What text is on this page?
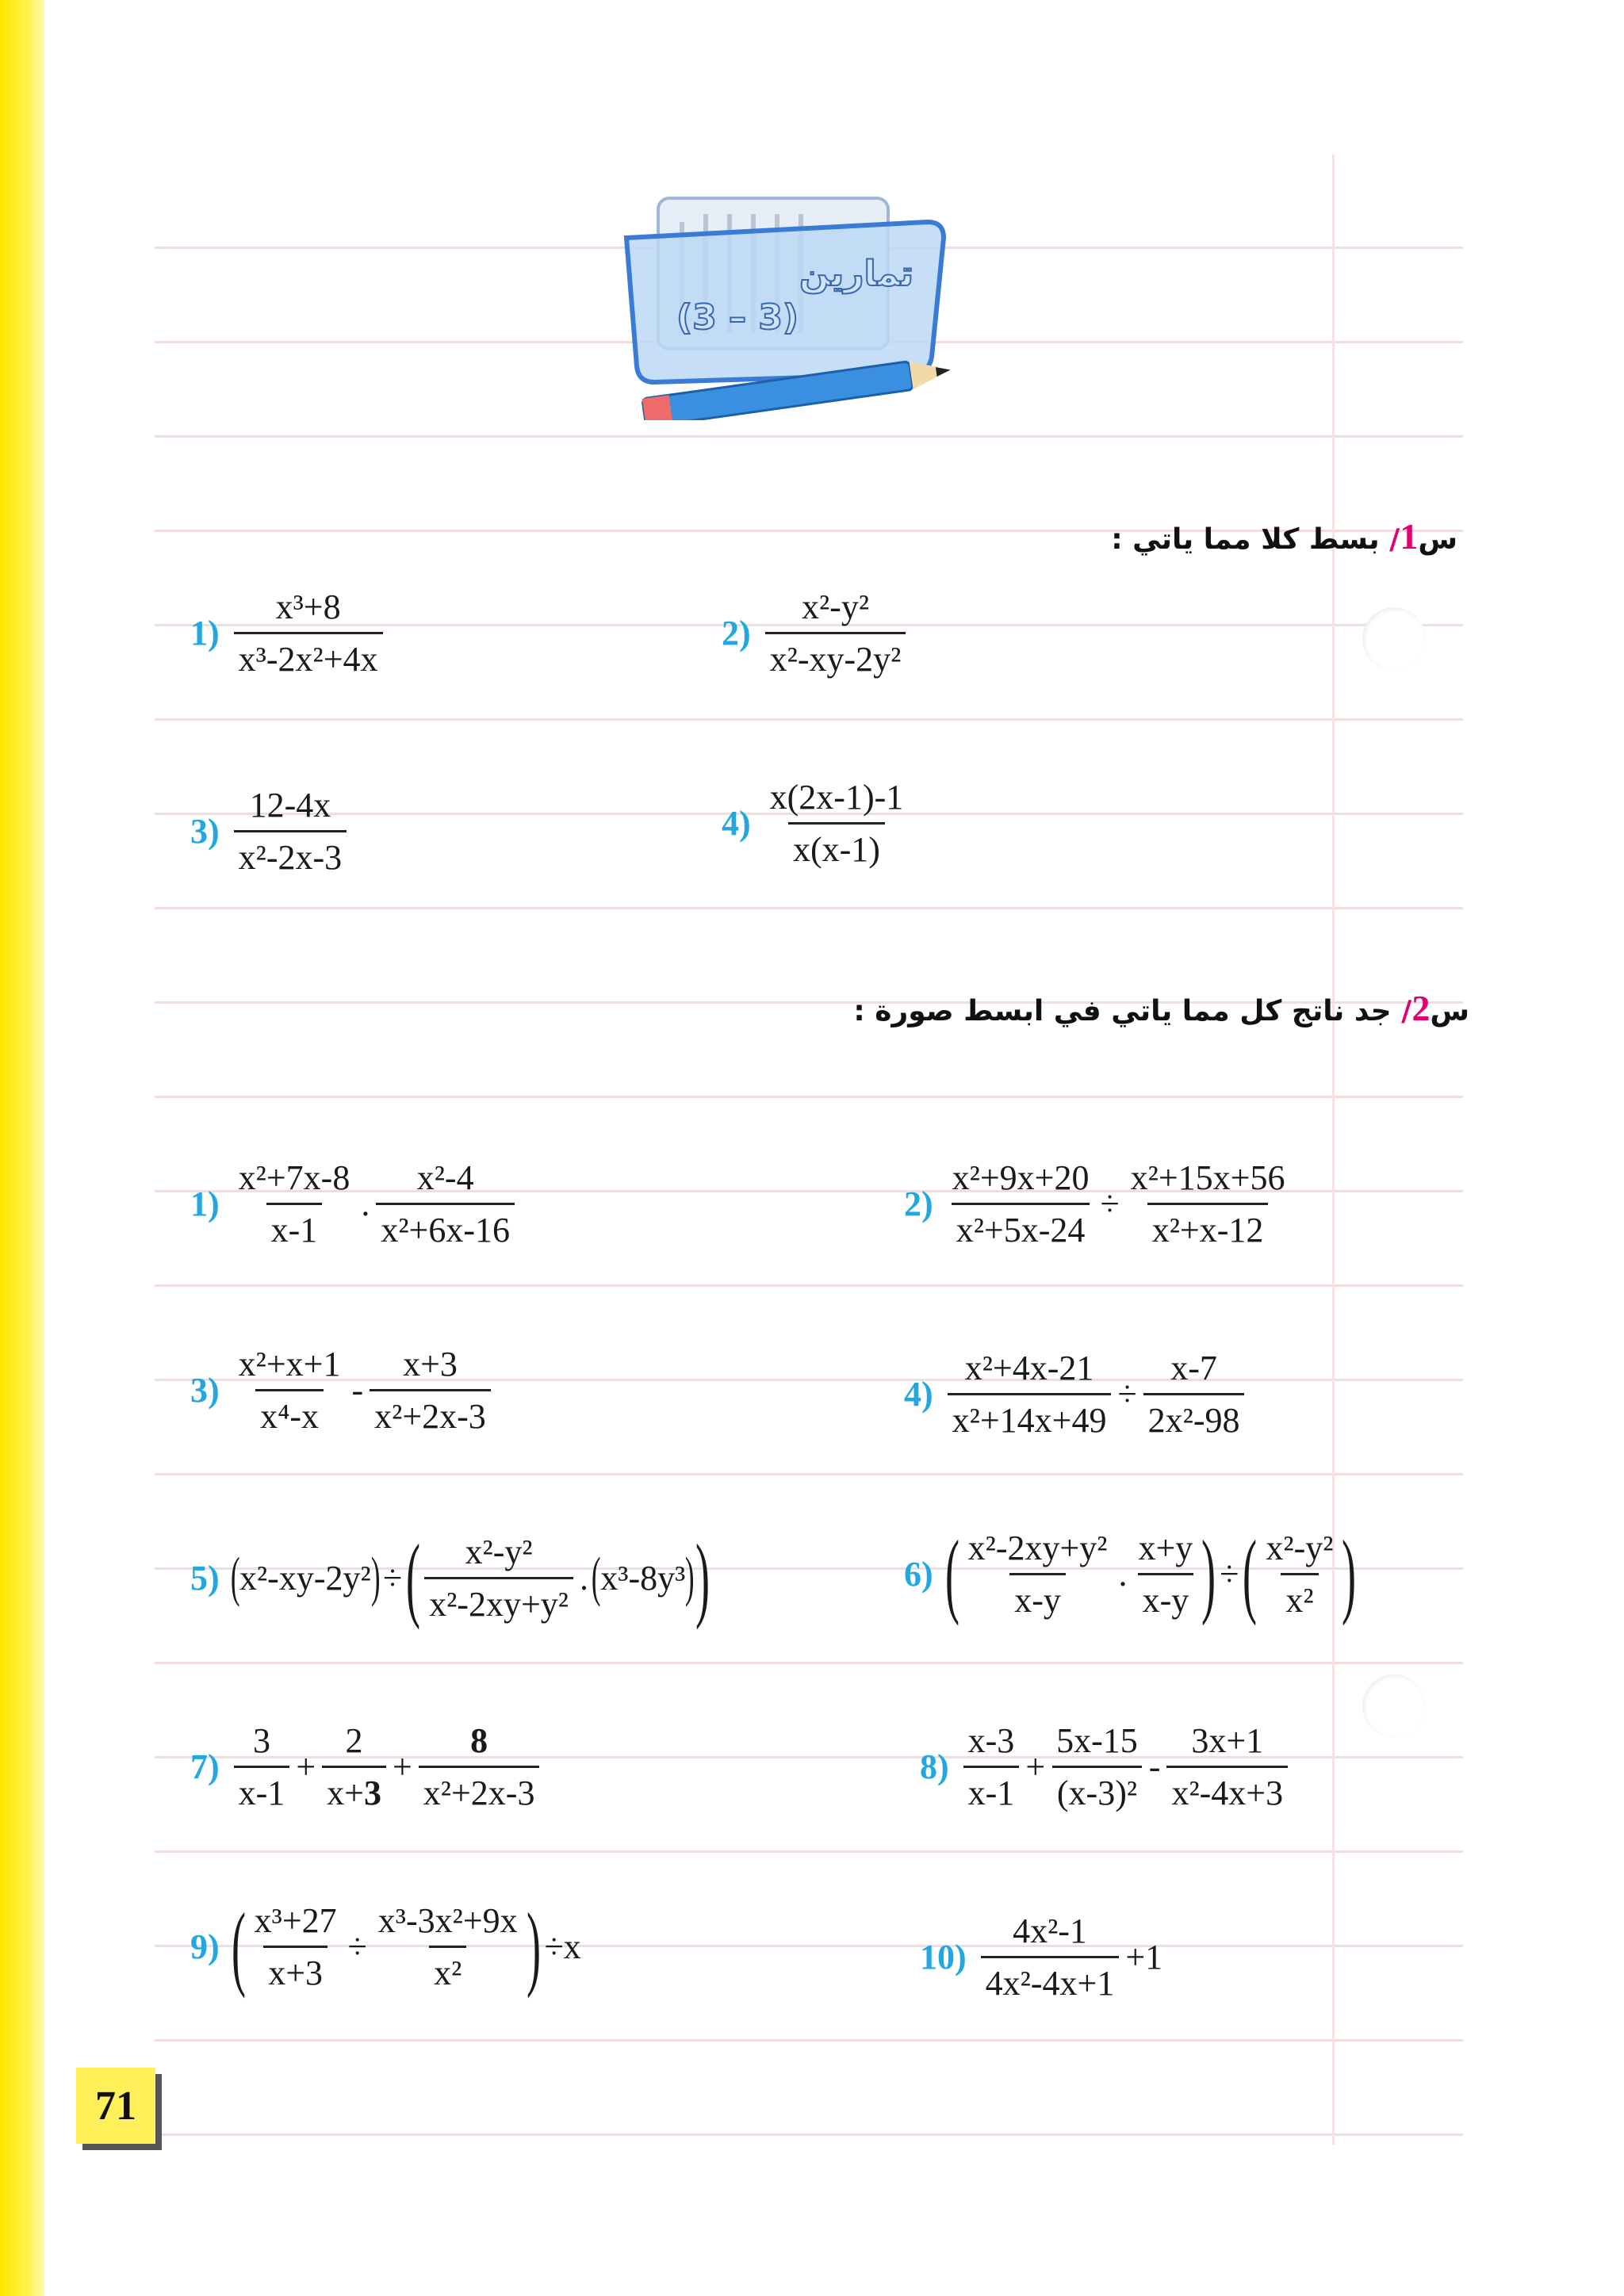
تمارين
(3 – 3)
س1/ بسط كلا مما ياتي :
$1) \frac{\text{x³+8}}{\text{x³-2x²+4x}}$	$2) \frac{\text{x²-y²}}{\text{x²-xy-2y²}}$
$3) \frac{12-4x}{\text{x²-2x-3}}$	$4) \frac{x(2x-1)-1}{x(x-1)}$
س2/ جد ناتج كل مما ياتي في ابسط صورة :
$1) \frac{\text{x²+7x-8}}{x-1}$ . $\frac{\text{x²-4}}{\text{x²+6x-16}}$	$2) \frac{\text{x²+9x+20}}{\text{x²+5x-24}} \div \frac{\text{x²+15x+56}}{\text{x²+x-12}}$
$3) \frac{\text{x²+x+1}}{\text{x⁴-x}} - \frac{x+3}{\text{x²+2x-3}}$	$4) \frac{\text{x²+4x-21}}{\text{x²+14x+49}} \div \frac{x-7}{\text{2x²-98}}$
5) ( x²-xy-2y² ) ÷ ( $\frac{\text{x²-y²}}{\text{x²-2xy+y²}}$ . ( x³-8y³ ) )	6) ( $\frac{\text{x²-2xy+y²}}{x-y}$ . $\frac{x+y}{x-y}$ ) ÷ ( $\frac{\text{x²-y²}}{\text{x²}}$ )
$7) \frac{3}{x-1} + \frac{2}{x+3} + \frac{8}{\text{x²+2x-3}}$	$8) \frac{x-3}{x-1} + \frac{5x-15}{\text{(x-3)²}} - \frac{3x+1}{\text{x²-4x+3}}$
9) ( $\frac{\text{x³+27}}{x+3} \div \frac{\text{x³-3x²+9x}}{\text{x²}}$ ) ÷x	$10) \frac{\text{4x²-1}}{\text{4x²-4x+1}} +1$
71
